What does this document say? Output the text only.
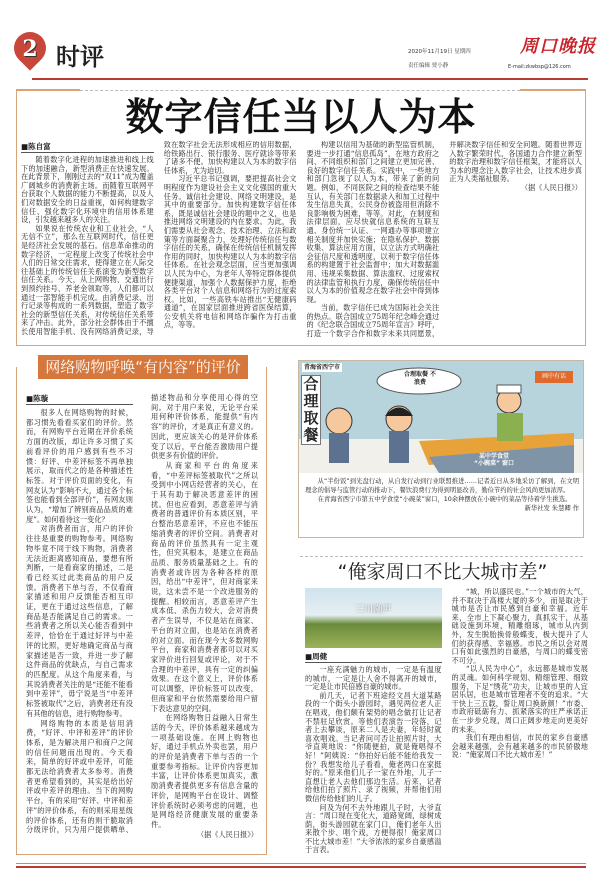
2 时评	2020年11月19日 星期四
责任编辑 贾小静
周口晚报
E-mail:zkwbsp@126.com
数字信任当以人为本

■陈自富

随着数字化进程的加速推进和线上线下的加速融合，新型消费正在快速发展。在此背景下，刚刚过去的“双11”成为覆盖广阔城乡的消费新主场。而随着互联网平台获取个人数据的能力不断提高，以及人们对数据安全的日益重视，如何构建数字信任、强化数字化环境中的信用体系建设，引发越来越多人的关注。

如果说在传统农业和工业社会，“人无信不立”，那么在互联网时代，信任更是经济社会发展的基石。信息革命推动的数字经济，一定程度上改变了传统社会中人们的日常交往需求，使得建立在人际交往基础上的传统信任关系演变为新型数字信任关系。今天，从上网购物、交通出行到预约挂号、养老金领取等，人们都可以通过一部智能手机完成。由消费记录、出行记录等构成的一系列数据，塑造了数字社会的新型信任关系，对传统信任关系带来了冲击。此外，部分社会群体由于不擅长使用智能手机、没有网络消费记录，导致在数字社会无法形成相应的信用数据，给铁路出行、银行服务、医疗就诊等带来了诸多不便。加快构建以人为本的数字信任体系，尤为迫切。

习近平总书记强调，要把提高社会文明程度作为建设社会主义文化强国的重大任务。诚信社会建设、网络文明建设，是其中的重要部分。加快构建数字信任体系，既是诚信社会建设的题中之义，也是推进网络文明建设的内在要求。为此，我们需要从社会观念、技术治理、立法和政策等方面凝聚合力，处理好传统信任与数字信任的关系，确保在传统信任机制发挥作用的同时，加快构建以人为本的数字信任体系。在社会观念层面，应当更加强调以人民为中心，为老年人等特定群体提供便捷渠道，加强个人数据保护力度，拒绝各类平台对个人信息和网络行为的过度索权。比如，一些高铁车站推出“无健康码通道”，在国家层面推进跨省医保结算，公安机关将电信和网络诈骗作为打击重点，等等。

构建以信用为基础的新型监管机制，要进一步打通“信息孤岛”，在地方政府之间、不同组织和部门之间建立更加完善、良好的数字信任关系。实践中，一些地方和部门忽视了以人为本，带来了新的问题。例如，不同医院之间的检查结果不能互认，有关部门在数据录入和加工过程中发生信息失真，公民身份被盗用但消除不良影响极为困难，等等。对此，在制度和法律层面，应尽快就信息系统的互联互通、身份统一认证、一网通办等事项建立相关制度并加快实施；在隐私保护、数据收集、算法应用方面，以立法方式明确社会征信尺度和透明度，以利于数字信任体系的构建置于社会监督中；加大对数据滥用、违规采集数据、算法滥权、过度索权的法律监管和执行力度，确保传统信任中以人为本的价值观念在数字社会中得到体现。

当前，数字信任已成为国际社会关注的热点。联合国成立75周年纪念峰会通过的《纪念联合国成立75周年宣言》呼吁，打造一个数字合作和数字未来共同愿景，并解决数字信任和安全问题。随着世界迈入数字繁荣时代，各国通力合作建立新型的数字治理和数字信任框架，才能将以人为本的理念注入数字社会，让技术进步真正为人类福祉服务。

（据《人民日报》）

网络购物呼唤“有内容”的评价

■陈璇

很多人在网络购物的时候，都习惯先看看买家们的评价。然而，有网购平台近期在评价系统方面的改版，却让许多习惯了买前看评价的用户感到有些不习惯：好评、中差评标签不再单独展示，取而代之的是各种描述性标签。对于评价页面的变化，有网友认为“影响不大，通过各个标签也能看到全部评价”，有网友则认为，“增加了辨别商品品质的难度”。如何看待这一变化？

对消费者而言，用户的评价往往是重要的购物参考。网络购物毕竟不同于线下购物，消费者无法近距离感知商品，要想有所判断，一是看商家的描述，二是看已经买过此类商品的用户反馈。消费者下单与否，不仅看商家描述和用户反馈能否相互印证，更在于通过这些信息，了解商品是否能满足自己的需求。一些消费者之所以关心能否看到中差评，恰恰在于通过好评与中差评的比照，更好地确定商品与商家描述是否一致，并进一步了解这件商品的优缺点，与自己需求的匹配度。从这个角度来看，与其说消费者关注的是“还能不能看到中差评”，毋宁说是当“中差评标签被取代”之后，消费者还有没有其他的信息，进行购物参考。

网络购物的本质是信用消费，“好评、中评和差评”的评价体系，是为解决用户和商户之间的信任问题而出现的。今天看来，简单的好评或中差评，可能都无法给消费者太多参考。消费者更希望看到的，其实是给出好评或中差评的理由。当下的网购平台，有的采用“好评、中评和差评”的评价体系，有的则采用星级的评价体系，还有的则干脆取消分级评价，只为用户提供晒单、描述物品和分享使用心得的空间。对于用户来说，无论平台采用何种评价体系，能提供“有内容”的评价，才是真正有意义的。因此，更应该关心的是评价体系变了以后，平台能否激励用户提供更多有价值的评价。

从商家和平台的角度来看，“中差评标签被取代”之所以受到中小网店经营者的关心，在于其有助于解决恶意差评的困扰。但也应看到，恶意差评与消费者的普通评价有本质区别，平台整治恶意差评，不应也不能压缩消费者的评价空间。消费者对商品的评价虽然具有一定主观性，但究其根本，是建立在商品品质、服务质量基础之上。有的消费者或许因为各种各样的原因，给出“中差评”，但对商家来说，这未尝不是一个改进服务的提醒。相较而言，恶意差评产生成本低、杀伤力较大，会对消费者产生误导，不仅是站在商家、平台的对立面，也是站在消费者的对立面。而在现今大多数网购平台，商家和消费者都可以对买家评价进行回复或评论，对于不合理的中差评，具有一定的纠偏效果。在这个意义上，评价体系可以调整，评价标签可以改变，但商家和平台依然需要给用户留下表达意见的空间。

在网络购物日益融入日常生活的今天，评价体系越来越成为一项基础设施。在网上购物也好，通过手机点外卖也罢，用户的评价是消费者下单与否的一个重要参考指标。让评价内容更加丰富，让评价体系更加真实，激励消费者提供更多有信息含量的评价，是网购平台在设计、调整评价系统时必须考虑的问题，也是网络经济健康发展的重要条件。

（据《人民日报》）

青海省西宁市
合理取餐
合理取餐 不浪费
画中有话
某中学食堂
“小碗菜” 窗口

从“半份饭”到光盘行动，从自发行动到行业联盟推进……记者近日从多地采访了解到，在文明理念的倡导与监管行动的推动下，餐饮浪费行为得到明显改善，勤俭节约的社会风尚更加浓厚。

在青海省西宁市第五中学食堂“小碗菜”窗口，10余种摆放在小碗中的菜品等待着学生挑选。

新华社发 朱慧卿 作

“俺家周口不比大城市差”
三川潮声

■周健

一座充满魅力的城市，一定是有温度的城市，一定是让人舍不得离开的城市，一定是让市民倍感自豪的城市。

前几天，记者下班途经文昌大道某路段的一个街头小游园时，遇见两位老人正在唱戏，他们颇有架势的唱念做打让记者不禁驻足欣赏。等他们表演告一段落，记者上去攀谈，原来二人是夫妻，年轻时就喜欢唱戏。当记者问可否让拍照片时，大爷直爽地说：“你随便拍，就是俺唱得不好！”阿姨说：“你拍好后能不能给我发一份？我想发给儿子看看，俺老两口在家挺好的。”原来他们儿子一家在外地，儿子一直想让老人去他们那边生活。后来，记者给他们拍了照片、录了视频，并帮他们用微信传给他们的儿子。

问及为何不去外地跟儿子时，大爷直言：“周口现在变化大，道路宽阔，绿树成荫，街头游园就在家门口，俺们老年人出来散个步、唱个戏，方便得很！俺家周口不比大城市差！”大爷浓浓的家乡自豪感溢于言表。

“城，所以盛民也。”一个城市的大气，并不取决于高楼大厦的多少，而是取决于城市是否让市民感到自豪和幸福。近年来，全市上下凝心聚力，真抓实干，从基础设施到环境，精雕细琢，城市从内到外，发生脱胎换骨般蝶变，极大提升了人们的获得感、幸福感。市民之所以会对周口有如此强烈的自豪感，与周口的蝶变密不可分。

“以人民为中心”，永远都是城市发展的灵魂。如何科学规划、精细管理、细致服务，下足“绣花”功夫，让城市里的人宜居乐居，也是城市管理者不变的追求。“大干快上三五载，誓让周口换新颜！”市委、市政府砥砺有力、抓紧落实的庄严承诺正在一步步兑现，周口正阔步地走向更美好的未来。

我们有理由相信，市民的家乡自豪感会越来越强，会有越来越多的市民骄傲地说：“俺家周口不比大城市差！”
